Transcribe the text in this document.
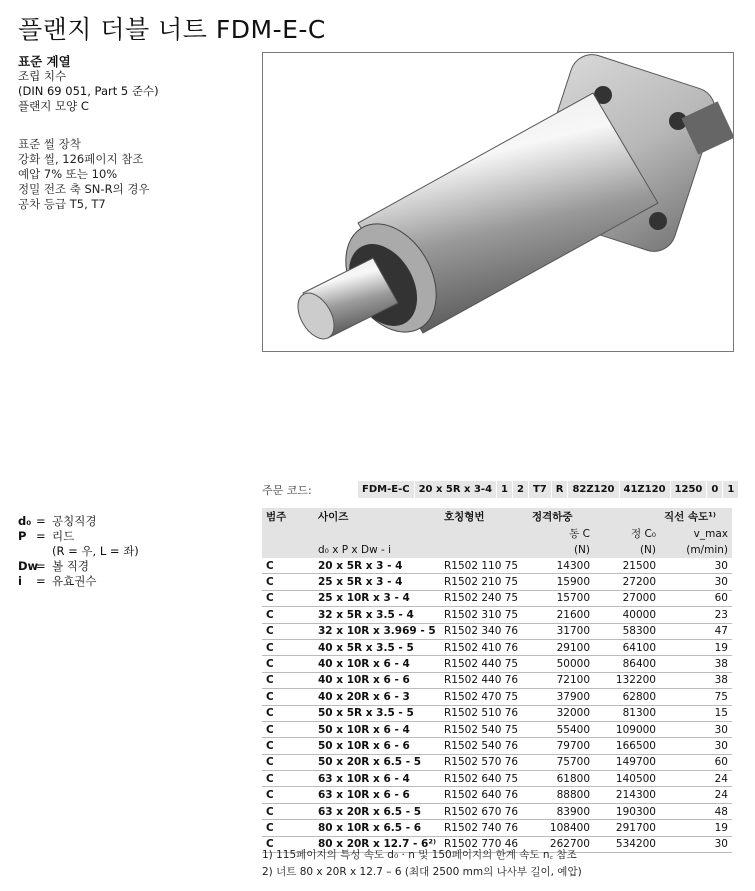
플랜지 더블 너트 FDM-E-C
표준 계열
조립 치수
(DIN 69 051, Part 5 준수)
플랜지 모양 C
표준 씰 장착
강화 씰, 126페이지 참조
예압 7% 또는 10%
정밀 전조 축 SN-R의 경우
공차 등급 T5, T7
d₀ = 공칭직경
P = 리드
(R = 우, L = 좌)
Dw
= 볼 직경
i	= 유효권수
주문 코드:	FDM-E-C 20 x 5R x 3-4 1 2 T7 R 82Z120 41Z120 1250 0 1
범주	사이즈	호칭형번	정격하중		직선 속도¹⁾
			동 C	정 C₀	v_max
	d₀ x P x Dw - i		(N)	(N)	(m/min)
C	20 x 5R x 3 - 4	R1502 110 75	14300	21500	30
C	25 x 5R x 3 - 4	R1502 210 75	15900	27200	30
C	25 x 10R x 3 - 4	R1502 240 75	15700	27000	60
C	32 x 5R x 3.5 - 4	R1502 310 75	21600	40000	23
C	32 x 10R x 3.969 - 5	R1502 340 76	31700	58300	47
C	40 x 5R x 3.5 - 5	R1502 410 76	29100	64100	19
C	40 x 10R x 6 - 4	R1502 440 75	50000	86400	38
C	40 x 10R x 6 - 6	R1502 440 76	72100	132200	38
C	40 x 20R x 6 - 3	R1502 470 75	37900	62800	75
C	50 x 5R x 3.5 - 5	R1502 510 76	32000	81300	15
C	50 x 10R x 6 - 4	R1502 540 75	55400	109000	30
C	50 x 10R x 6 - 6	R1502 540 76	79700	166500	30
C	50 x 20R x 6.5 - 5	R1502 570 76	75700	149700	60
C	63 x 10R x 6 - 4	R1502 640 75	61800	140500	24
C	63 x 10R x 6 - 6	R1502 640 76	88800	214300	24
C	63 x 20R x 6.5 - 5	R1502 670 76	83900	190300	48
C	80 x 10R x 6.5 - 6	R1502 740 76	108400	291700	19
C	80 x 20R x 12.7 - 6²⁾	R1502 770 46	262700	534200	30
1) 115페이지의 특성 속도 d₀ · n 및 150페이지의 한계 속도 n꜀ 참조
2) 너트 80 x 20R x 12.7 – 6 (최대 2500 mm의 나사부 길이, 예압)
